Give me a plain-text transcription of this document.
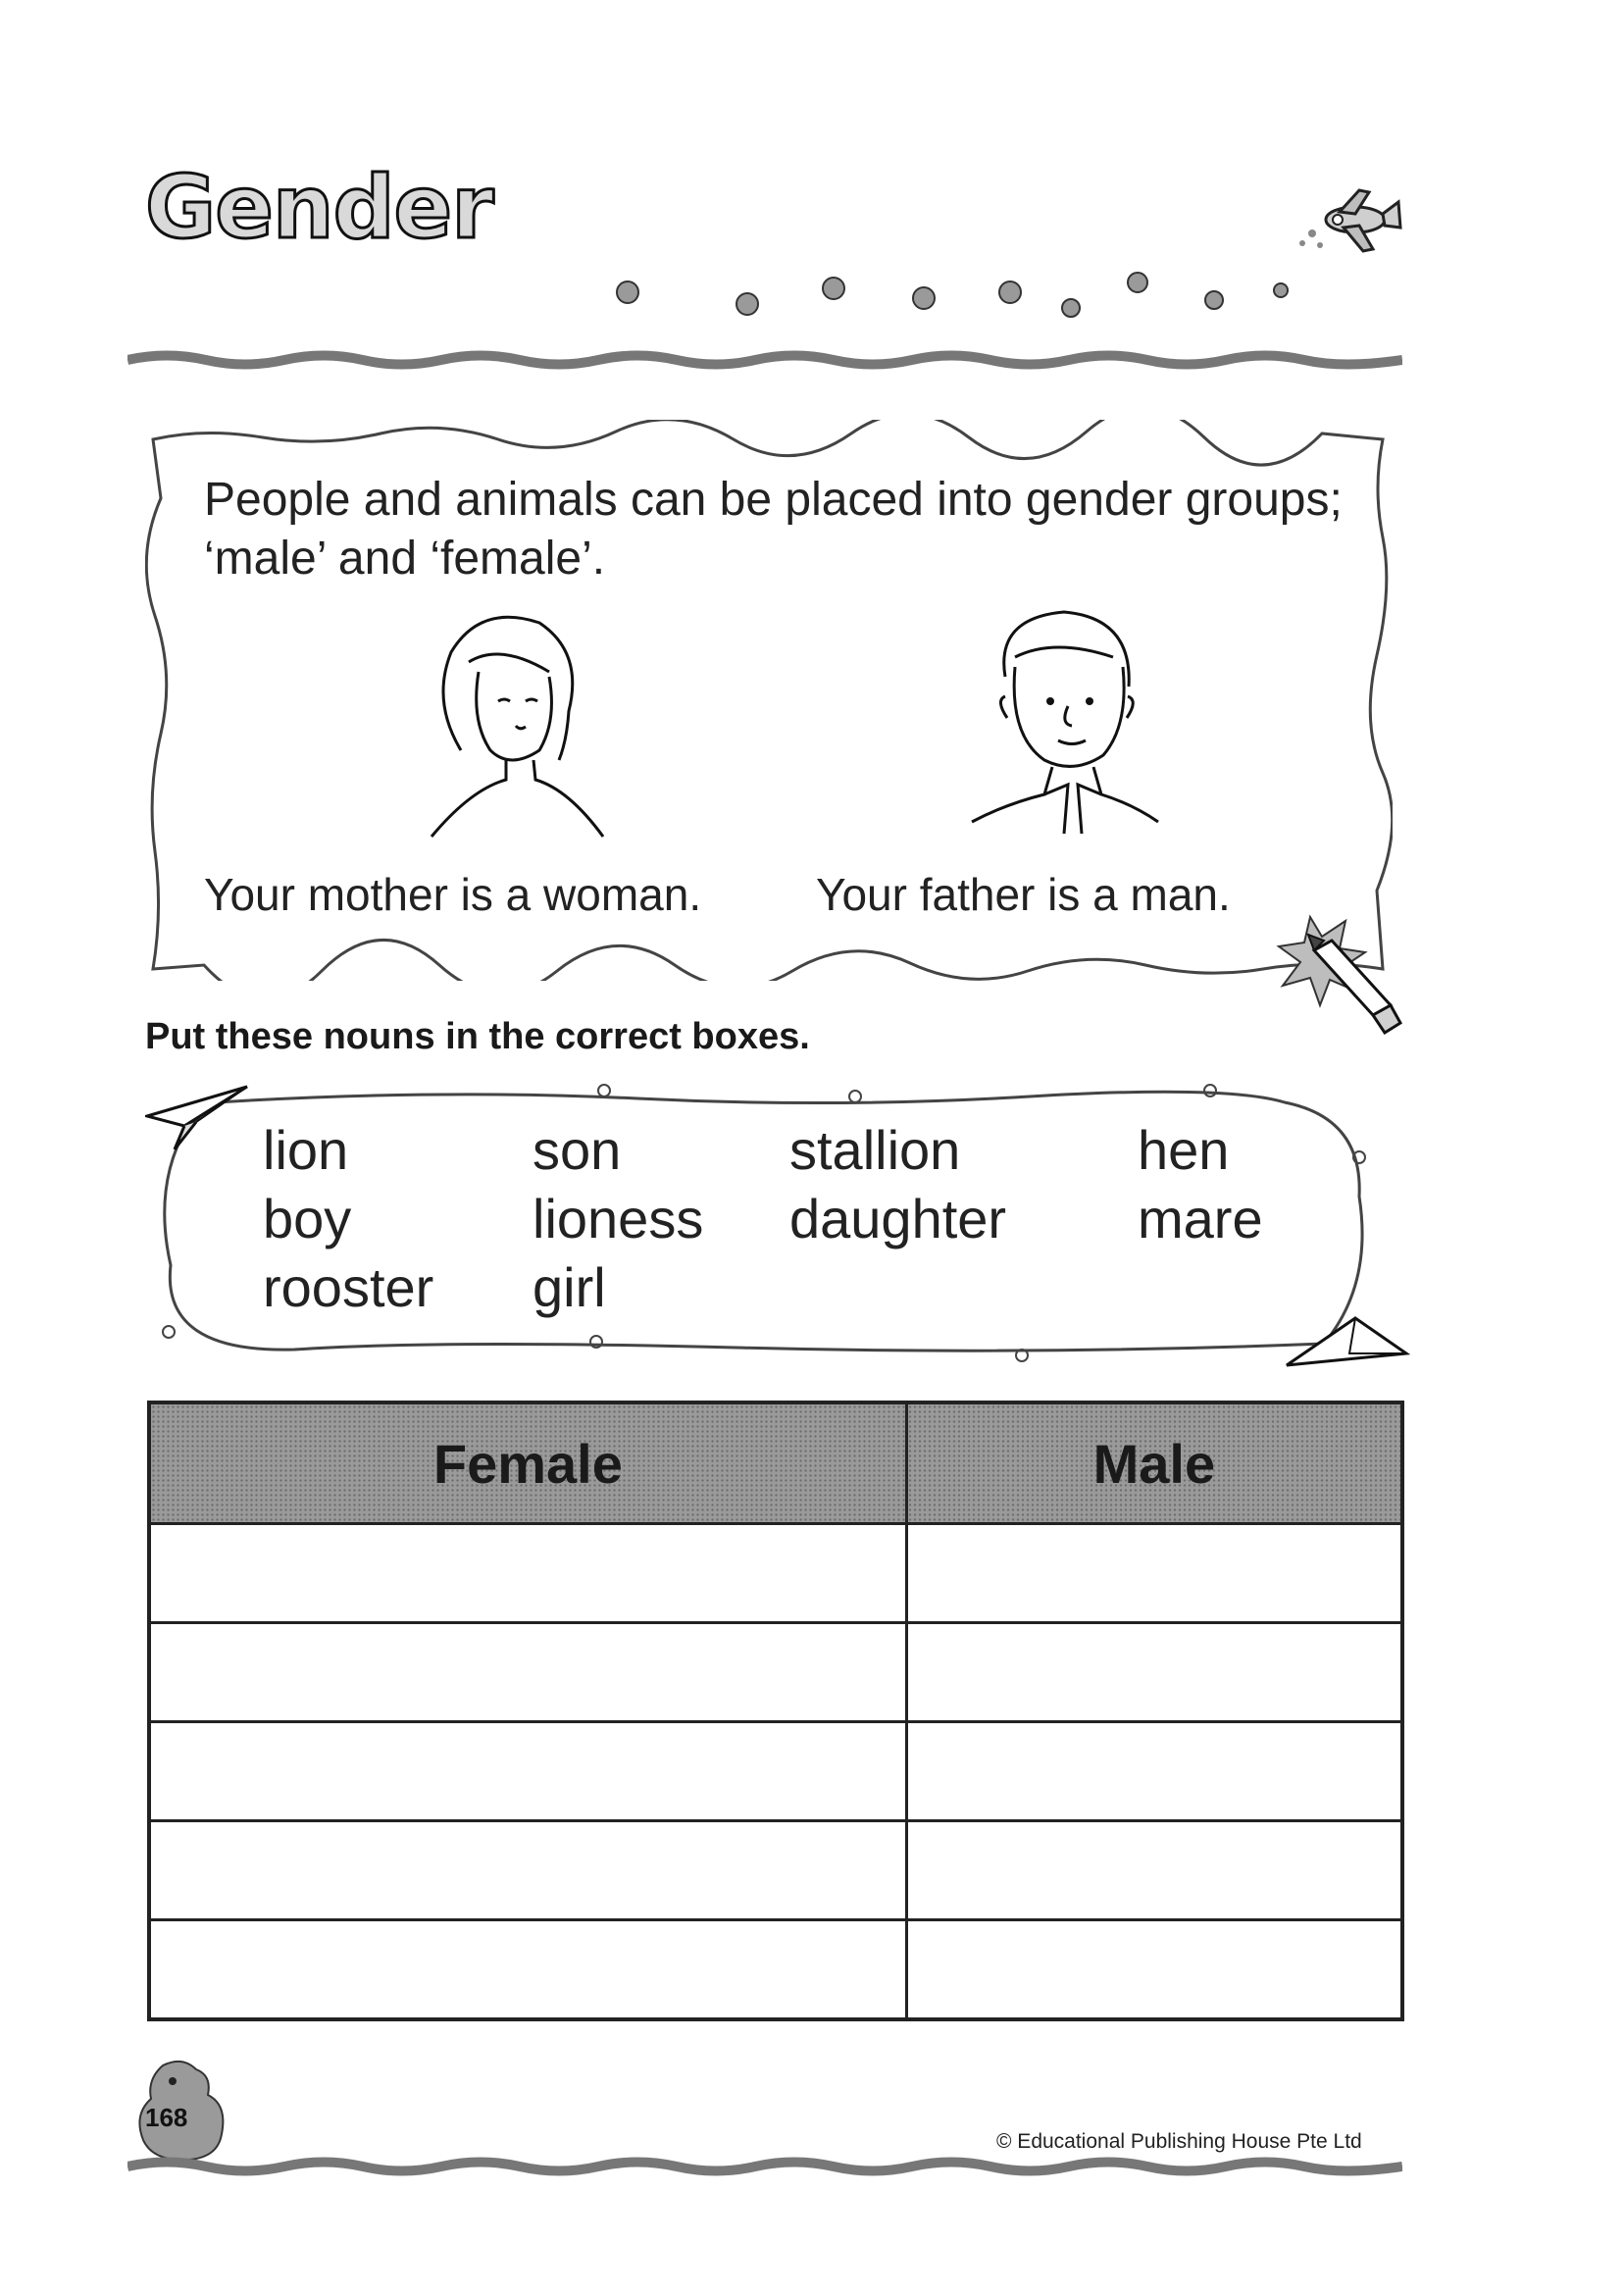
Gender
People and animals can be placed into gender groups; ‘male’ and ‘female’.
Your mother is a woman.	Your father is a man.
Put these nouns in the correct boxes.
lion	son	stallion	hen
boy	lioness	daughter	mare
rooster	girl
Female	Male

168
© Educational Publishing House Pte Ltd
